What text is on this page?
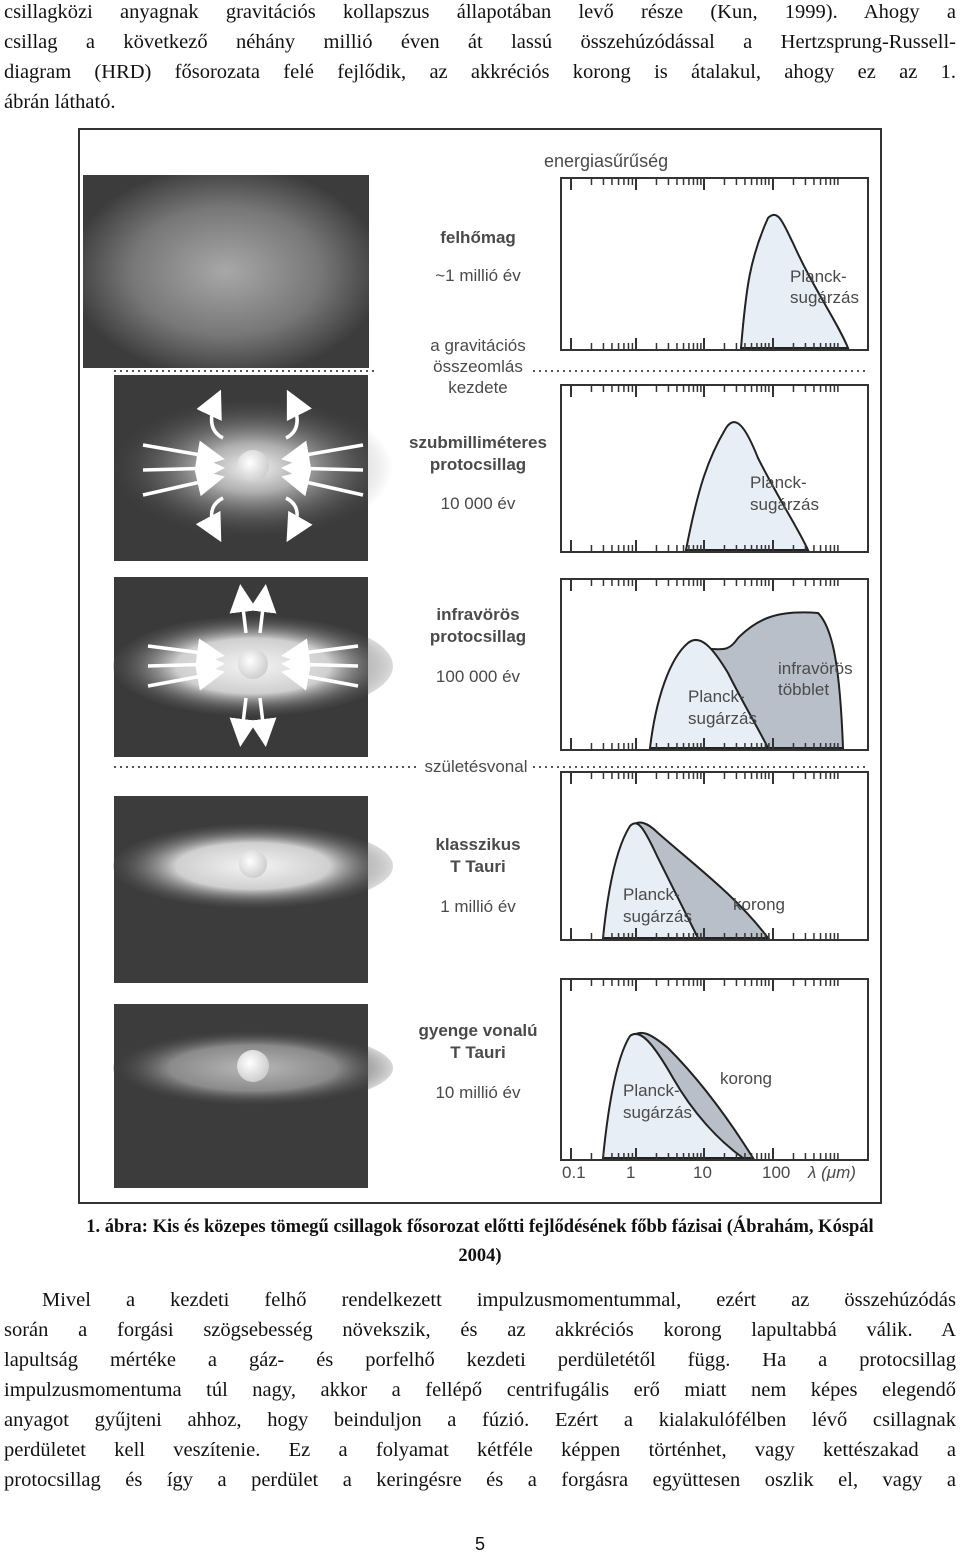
csillagközi anyagnak gravitációs kollapszus állapotában levő része (Kun, 1999). Ahogy a
csillag a következő néhány millió éven át lassú összehúzódással a Hertzsprung-Russell-
diagram (HRD) fősorozata felé fejlődik, az akkréciós korong is átalakul, ahogy ez az 1.
ábrán látható.
energiasűrűség
felhőmag
~1 millió év
a gravitációs
összeomlás
kezdete
szubmilliméteres
protocsillag
10 000 év
infravörös
protocsillag
100 000 év
születésvonal
klasszikus
T Tauri
1 millió év
gyenge vonalú
T Tauri
10 millió év
Planck-
sugárzás
Planck-
sugárzás
Planck-
sugárzás
infravörös
többlet
Planck-
sugárzás
korong
Planck-
sugárzás
korong
0.1 1	10	100 λ (μm)
1. ábra: Kis és közepes tömegű csillagok fősorozat előtti fejlődésének főbb fázisai (Ábrahám, Kóspál
2004)
Mivel a kezdeti felhő rendelkezett impulzusmomentummal, ezért az összehúzódás
során a forgási szögsebesség növekszik, és az akkréciós korong lapultabbá válik. A
lapultság mértéke a gáz- és porfelhő kezdeti perdületétől függ. Ha a protocsillag
impulzusmomentuma túl nagy, akkor a fellépő centrifugális erő miatt nem képes elegendő
anyagot gyűjteni ahhoz, hogy beinduljon a fúzió. Ezért a kialakulófélben lévő csillagnak
perdületet kell veszítenie. Ez a folyamat kétféle képpen történhet, vagy kettészakad a
protocsillag és így a perdület a keringésre és a forgásra együttesen oszlik el, vagy a
5
